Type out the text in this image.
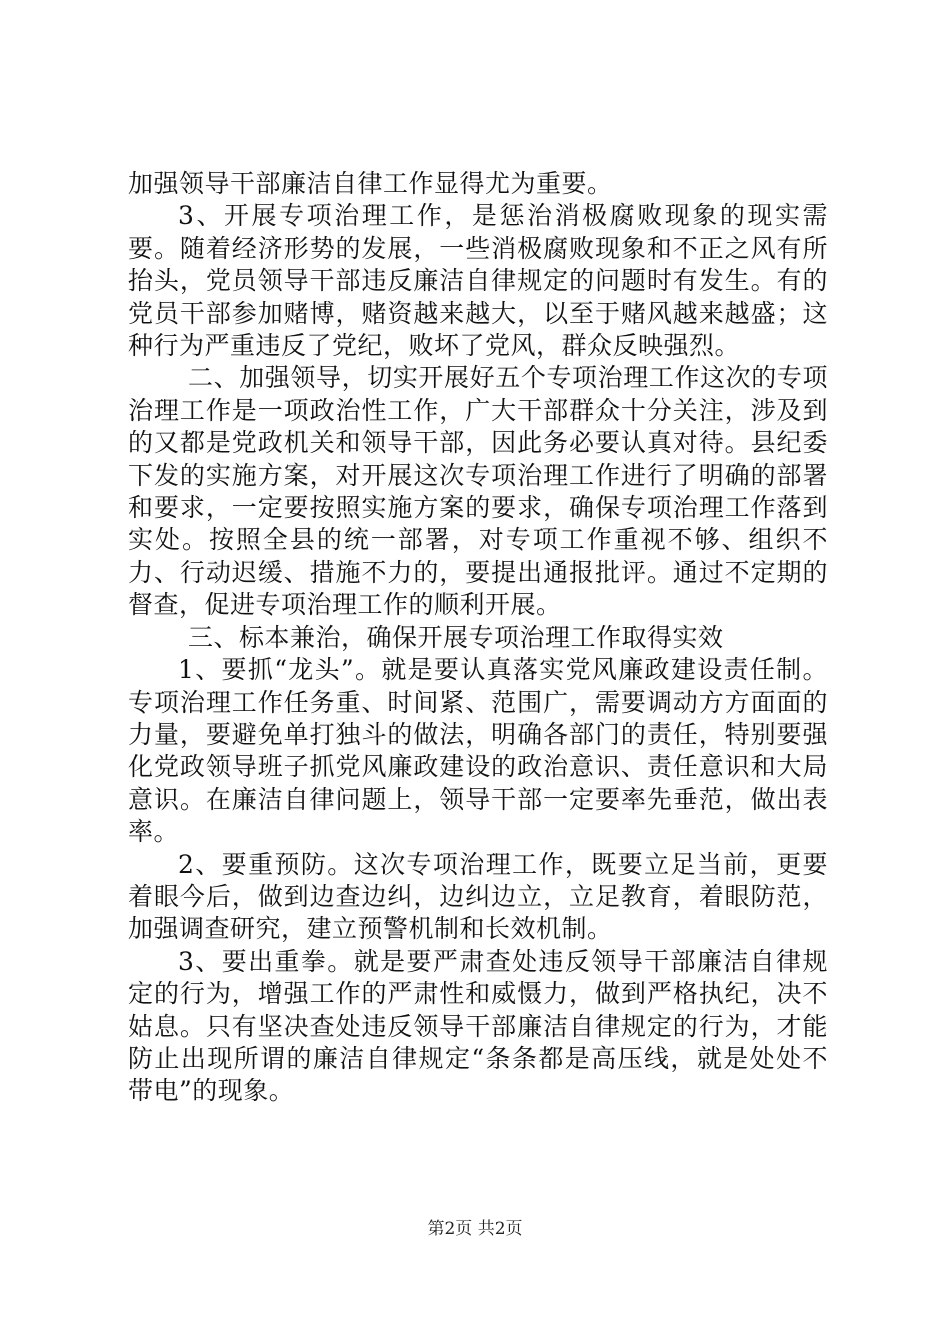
加强领导干部廉洁自律工作显得尤为重要。

3、开展专项治理工作，是惩治消极腐败现象的现实需要。随着经济形势的发展，一些消极腐败现象和不正之风有所抬头，党员领导干部违反廉洁自律规定的问题时有发生。有的党员干部参加赌博，赌资越来越大，以至于赌风越来越盛；这种行为严重违反了党纪，败坏了党风，群众反映强烈。

二、加强领导，切实开展好五个专项治理工作这次的专项治理工作是一项政治性工作，广大干部群众十分关注，涉及到的又都是党政机关和领导干部，因此务必要认真对待。县纪委下发的实施方案，对开展这次专项治理工作进行了明确的部署和要求，一定要按照实施方案的要求，确保专项治理工作落到实处。按照全县的统一部署，对专项工作重视不够、组织不力、行动迟缓、措施不力的，要提出通报批评。通过不定期的督查，促进专项治理工作的顺利开展。

三、标本兼治，确保开展专项治理工作取得实效

1、要抓“龙头”。就是要认真落实党风廉政建设责任制。专项治理工作任务重、时间紧、范围广，需要调动方方面面的力量，要避免单打独斗的做法，明确各部门的责任，特别要强化党政领导班子抓党风廉政建设的政治意识、责任意识和大局意识。在廉洁自律问题上，领导干部一定要率先垂范，做出表率。

2、要重预防。这次专项治理工作，既要立足当前，更要着眼今后，做到边查边纠，边纠边立，立足教育，着眼防范，加强调查研究，建立预警机制和长效机制。

3、要出重拳。就是要严肃查处违反领导干部廉洁自律规定的行为，增强工作的严肃性和威慑力，做到严格执纪，决不姑息。只有坚决查处违反领导干部廉洁自律规定的行为，才能防止出现所谓的廉洁自律规定“条条都是高压线，就是处处不带电”的现象。

第2页 共2页
